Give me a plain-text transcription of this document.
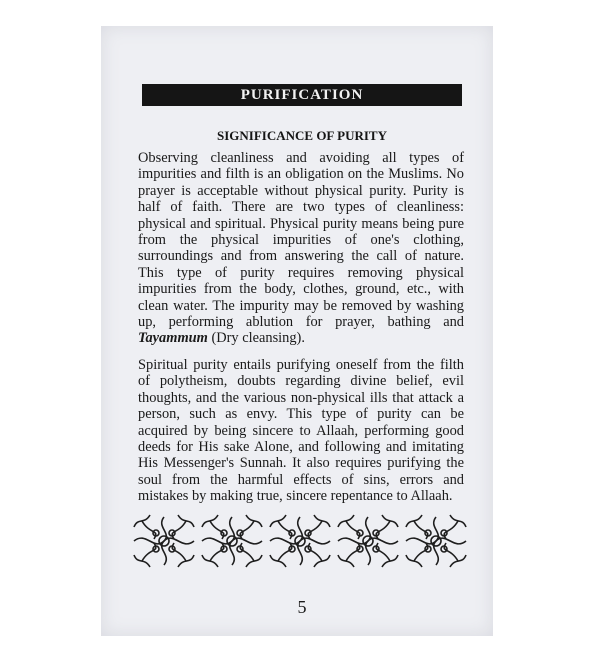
PURIFICATION
SIGNIFICANCE OF PURITY

Observing cleanliness and avoiding all types of impurities and filth is an obligation on the Muslims. No prayer is acceptable without physical purity. Purity is half of faith. There are two types of cleanliness: physical and spiritual. Physical purity means being pure from the physical impurities of one's clothing, surroundings and from answering the call of nature. This type of purity requires removing physical impurities from the body, clothes, ground, etc., with clean water. The impurity may be removed by washing up, performing ablution for prayer, bathing and Tayammum (Dry cleansing).

Spiritual purity entails purifying oneself from the filth of polytheism, doubts regarding divine belief, evil thoughts, and the various non-physical ills that attack a person, such as envy. This type of purity can be acquired by being sincere to Allaah, performing good deeds for His sake Alone, and following and imitating His Messenger's Sunnah. It also requires purifying the soul from the harmful effects of sins, errors and mistakes by making true, sincere repentance to Allaah.

5
